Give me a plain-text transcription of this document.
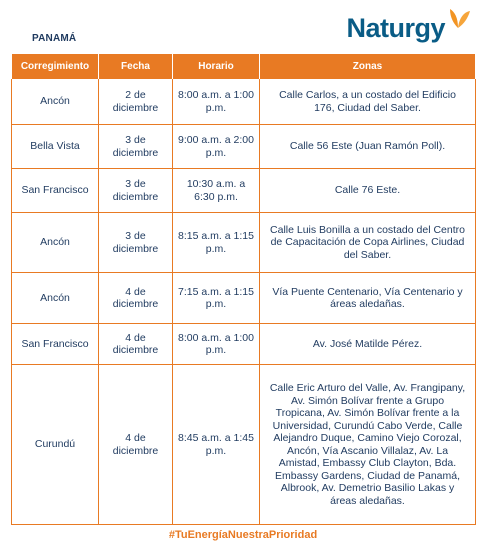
PANAMÁ	Naturgy
Corregimiento	Fecha	Horario	Zonas
Ancón	2 de diciembre	8:00 a.m. a 1:00 p.m.	Calle Carlos, a un costado del Edificio 176, Ciudad del Saber.
Bella Vista	3 de diciembre	9:00 a.m. a 2:00 p.m.	Calle 56 Este (Juan Ramón Poll).
San Francisco	3 de diciembre	10:30 a.m. a 6:30 p.m.	Calle 76 Este.
Ancón	3 de diciembre	8:15 a.m. a 1:15 p.m.	Calle Luis Bonilla a un costado del Centro de Capacitación de Copa Airlines, Ciudad del Saber.
Ancón	4 de diciembre	7:15 a.m. a 1:15 p.m.	Vía Puente Centenario, Vía Centenario y áreas aledañas.
San Francisco	4 de diciembre	8:00 a.m. a 1:00 p.m.	Av. José Matilde Pérez.
Curundú	4 de diciembre	8:45 a.m. a 1:45 p.m.	Calle Eric Arturo del Valle, Av. Frangipany, Av. Simón Bolívar frente a Grupo Tropicana, Av. Simón Bolívar frente a la Universidad, Curundú Cabo Verde, Calle Alejandro Duque, Camino Viejo Corozal, Ancón, Vía Ascanio Villalaz, Av. La Amistad, Embassy Club Clayton, Bda. Embassy Gardens, Ciudad de Panamá, Albrook, Av. Demetrio Basilio Lakas y áreas aledañas.
#TuEnergíaNuestraPrioridad
